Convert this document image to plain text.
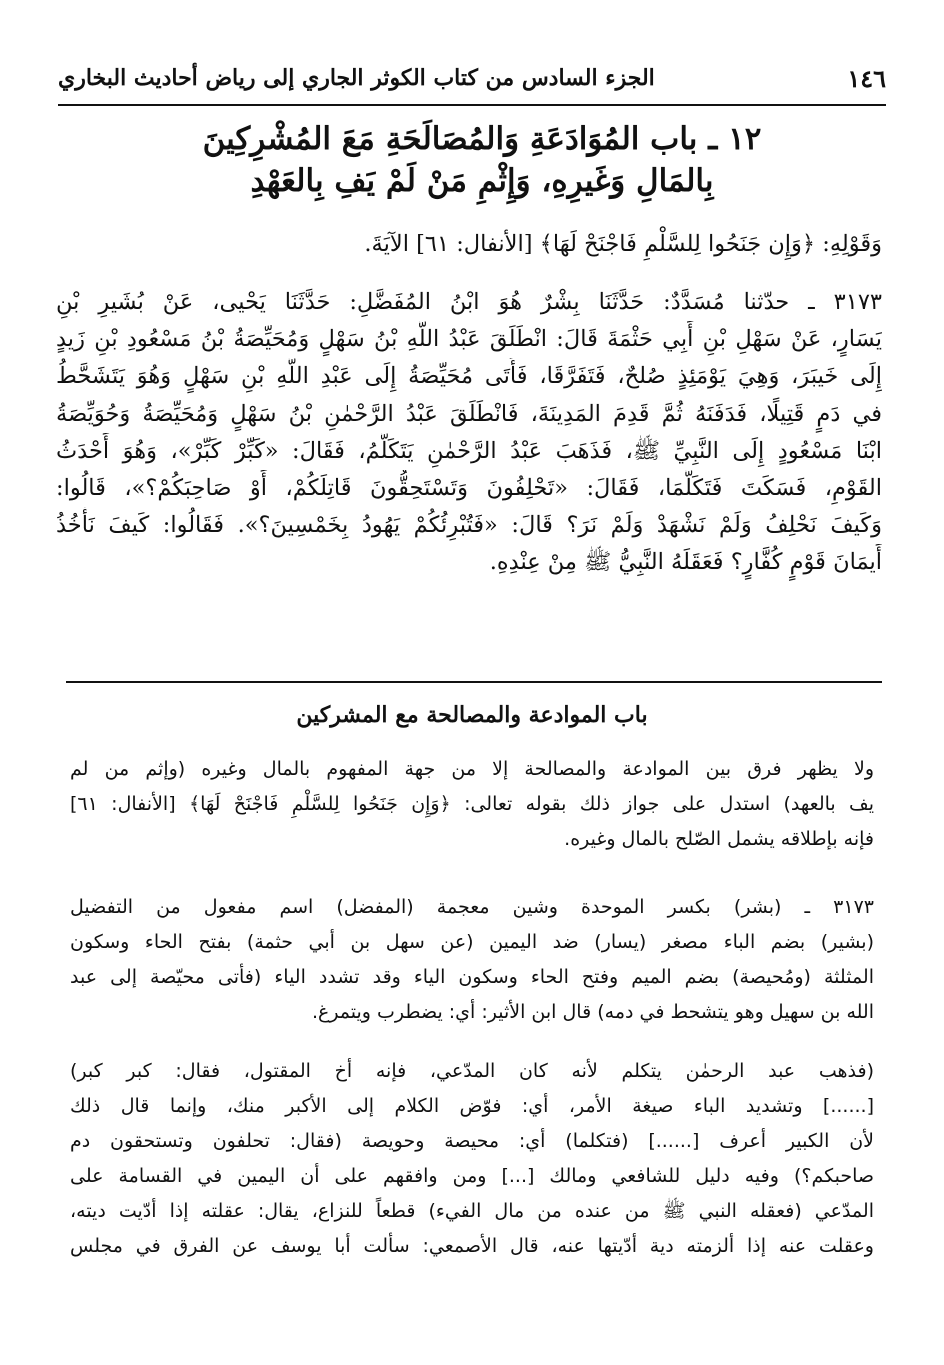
١٤٦
الجزء السادس من كتاب الكوثر الجاري إلى رياض أحاديث البخاري
١٢ ـ باب المُوَادَعَةِ وَالمُصَالَحَةِ مَعَ المُشْرِكِينَ
بِالمَالِ وَغَيرِهِ، وَإِثْمِ مَنْ لَمْ يَفِ بِالعَهْدِ
وَقَوْلِهِ: ﴿وَإِن جَنَحُوا لِلسَّلْمِ فَاجْنَحْ لَهَا﴾ [الأنفال: ٦١] الآيَةَ.
٣١٧٣ ـ حدّثنا مُسَدَّدٌ: حَدَّثَنَا بِشْرٌ هُوَ ابْنُ المُفَضَّلِ: حَدَّثَنَا يَحْيى، عَنْ بُشَيرِ بْنِ
يَسَارٍ، عَنْ سَهْلِ بْنِ أَبِي حَثْمَةَ قَالَ: انْطَلَقَ عَبْدُ اللَّهِ بْنُ سَهْلٍ وَمُحَيِّصَةُ بْنُ مَسْعُودِ بْنِ زَيدٍ
إِلَى خَيبَرَ، وَهِيَ يَوْمَئِذٍ صُلحٌ، فَتَفَرَّقَا، فَأَتَى مُحَيِّصَةُ إِلَى عَبْدِ اللَّهِ بْنِ سَهْلٍ وَهُوَ يَتَشَحَّطُ
في دَمٍ قَتِيلًا، فَدَفَنَهُ ثُمَّ قَدِمَ المَدِينَةَ، فَانْطَلَقَ عَبْدُ الرَّحْمٰنِ بْنُ سَهْلٍ وَمُحَيِّصَةُ وَحُوَيِّصَةُ
ابْنَا مَسْعُودٍ إِلَى النَّبِيِّ ﷺ، فَذَهَبَ عَبْدُ الرَّحْمٰنِ يَتَكَلَّمُ، فَقَالَ: «كَبِّرْ كَبِّرْ»، وَهُوَ أَحْدَثُ
القَوْمِ، فَسَكَتَ فَتَكَلَّمَا، فَقَالَ: «تَحْلِفُونَ وَتَسْتَحِقُّونَ قَاتِلَكُمْ، أَوْ صَاحِبَكُمْ؟»، قَالُوا:
وَكَيفَ نَحْلِفُ وَلَمْ نَشْهَدْ وَلَمْ نَرَ؟ قَالَ: «فَتُبْرِئُكُمْ يَهُودُ بِخَمْسِينَ؟». فَقَالُوا: كَيفَ نَأْخُذُ
أَيمَانَ قَوْمٍ كُفَّارٍ؟ فَعَقَلَهُ النَّبِيُّ ﷺ مِنْ عِنْدِهِ.
باب الموادعة والمصالحة مع المشركين
ولا يظهر فرق بين الموادعة والمصالحة إلا من جهة المفهوم بالمال وغيره (وإثم من لم
يف بالعهد) استدل على جواز ذلك بقوله تعالى: ﴿وَإِن جَنَحُوا لِلسَّلْمِ فَاجْنَحْ لَهَا﴾ [الأنفال: ٦١]
فإنه بإطلاقه يشمل الصّلح بالمال وغيره.
٣١٧٣ ـ (بشر) بكسر الموحدة وشين معجمة (المفضل) اسم مفعول من التفضيل
(بشير) بضم الباء مصغر (يسار) ضد اليمين (عن سهل بن أبي حثمة) بفتح الحاء وسكون
المثلثة (ومُحيصة) بضم الميم وفتح الحاء وسكون الياء وقد تشدد الياء (فأتى محيّصة إلى عبد
الله بن سهيل وهو يتشحط في دمه) قال ابن الأثير: أي: يضطرب ويتمرغ.
(فذهب عبد الرحمٰن يتكلم لأنه كان المدّعي، فإنه أخ المقتول، فقال: كبر كبر)
[......] وتشديد الباء صيغة الأمر، أي: فوّض الكلام إلى الأكبر منك، وإنما قال ذلك
لأن الكبير أعرف [......] (فتكلما) أي: محيصة وحويصة (فقال: تحلفون وتستحقون دم
صاحبكم؟) وفيه دليل للشافعي ومالك [...] ومن وافقهم على أن اليمين في القسامة على
المدّعي (فعقله النبي ﷺ من عنده من مال الفيء) قطعاً للنزاع، يقال: عقلته إذا أدّيت ديته،
وعقلت عنه إذا ألزمته دية أدّيتها عنه، قال الأصمعي: سألت أبا يوسف عن الفرق في مجلس
